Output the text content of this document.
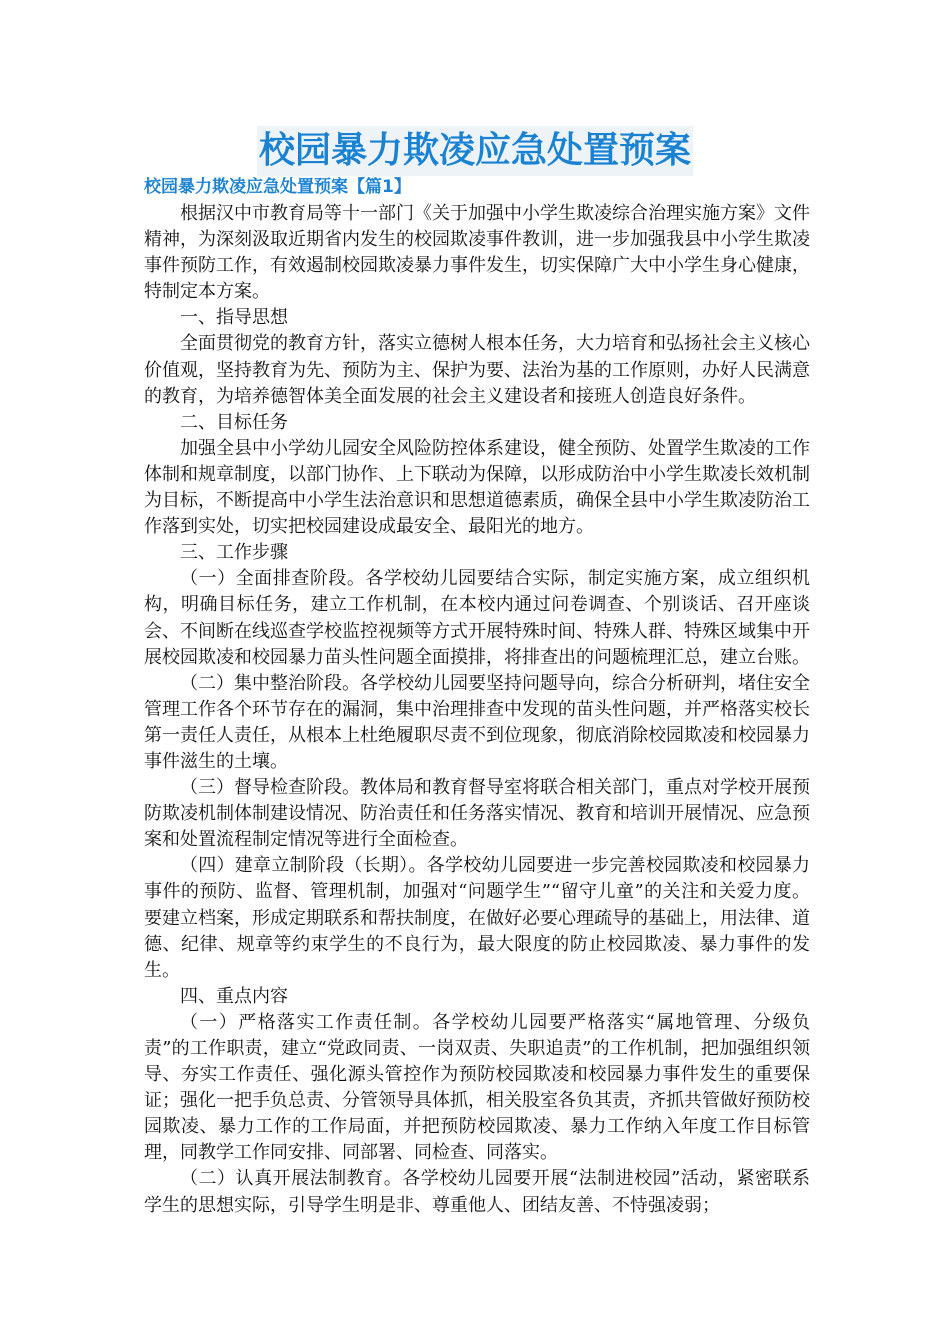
校园暴力欺凌应急处置预案
校园暴力欺凌应急处置预案【篇1】

根据汉中市教育局等十一部门《关于加强中小学生欺凌综合治理实施方案》文件精神，为深刻汲取近期省内发生的校园欺凌事件教训，进一步加强我县中小学生欺凌事件预防工作，有效遏制校园欺凌暴力事件发生，切实保障广大中小学生身心健康，特制定本方案。

一、指导思想

全面贯彻党的教育方针，落实立德树人根本任务，大力培育和弘扬社会主义核心价值观，坚持教育为先、预防为主、保护为要、法治为基的工作原则，办好人民满意的教育，为培养德智体美全面发展的社会主义建设者和接班人创造良好条件。

二、目标任务

加强全县中小学幼儿园安全风险防控体系建设，健全预防、处置学生欺凌的工作体制和规章制度，以部门协作、上下联动为保障，以形成防治中小学生欺凌长效机制为目标，不断提高中小学生法治意识和思想道德素质，确保全县中小学生欺凌防治工作落到实处，切实把校园建设成最安全、最阳光的地方。

三、工作步骤

（一）全面排查阶段。各学校幼儿园要结合实际，制定实施方案，成立组织机构，明确目标任务，建立工作机制，在本校内通过问卷调查、个别谈话、召开座谈会、不间断在线巡查学校监控视频等方式开展特殊时间、特殊人群、特殊区域集中开展校园欺凌和校园暴力苗头性问题全面摸排，将排查出的问题梳理汇总，建立台账。

（二）集中整治阶段。各学校幼儿园要坚持问题导向，综合分析研判，堵住安全管理工作各个环节存在的漏洞，集中治理排查中发现的苗头性问题，并严格落实校长第一责任人责任，从根本上杜绝履职尽责不到位现象，彻底消除校园欺凌和校园暴力事件滋生的土壤。

（三）督导检查阶段。教体局和教育督导室将联合相关部门，重点对学校开展预防欺凌机制体制建设情况、防治责任和任务落实情况、教育和培训开展情况、应急预案和处置流程制定情况等进行全面检查。

（四）建章立制阶段（长期）。各学校幼儿园要进一步完善校园欺凌和校园暴力事件的预防、监督、管理机制，加强对“问题学生”“留守儿童”的关注和关爱力度。要建立档案，形成定期联系和帮扶制度，在做好必要心理疏导的基础上，用法律、道德、纪律、规章等约束学生的不良行为，最大限度的防止校园欺凌、暴力事件的发生。

四、重点内容

（一）严格落实工作责任制。各学校幼儿园要严格落实“属地管理、分级负责”的工作职责，建立“党政同责、一岗双责、失职追责”的工作机制，把加强组织领导、夯实工作责任、强化源头管控作为预防校园欺凌和校园暴力事件发生的重要保证；强化一把手负总责、分管领导具体抓，相关股室各负其责，齐抓共管做好预防校园欺凌、暴力工作的工作局面，并把预防校园欺凌、暴力工作纳入年度工作目标管理，同教学工作同安排、同部署、同检查、同落实。

（二）认真开展法制教育。各学校幼儿园要开展“法制进校园”活动，紧密联系学生的思想实际，引导学生明是非、尊重他人、团结友善、不恃强凌弱；
